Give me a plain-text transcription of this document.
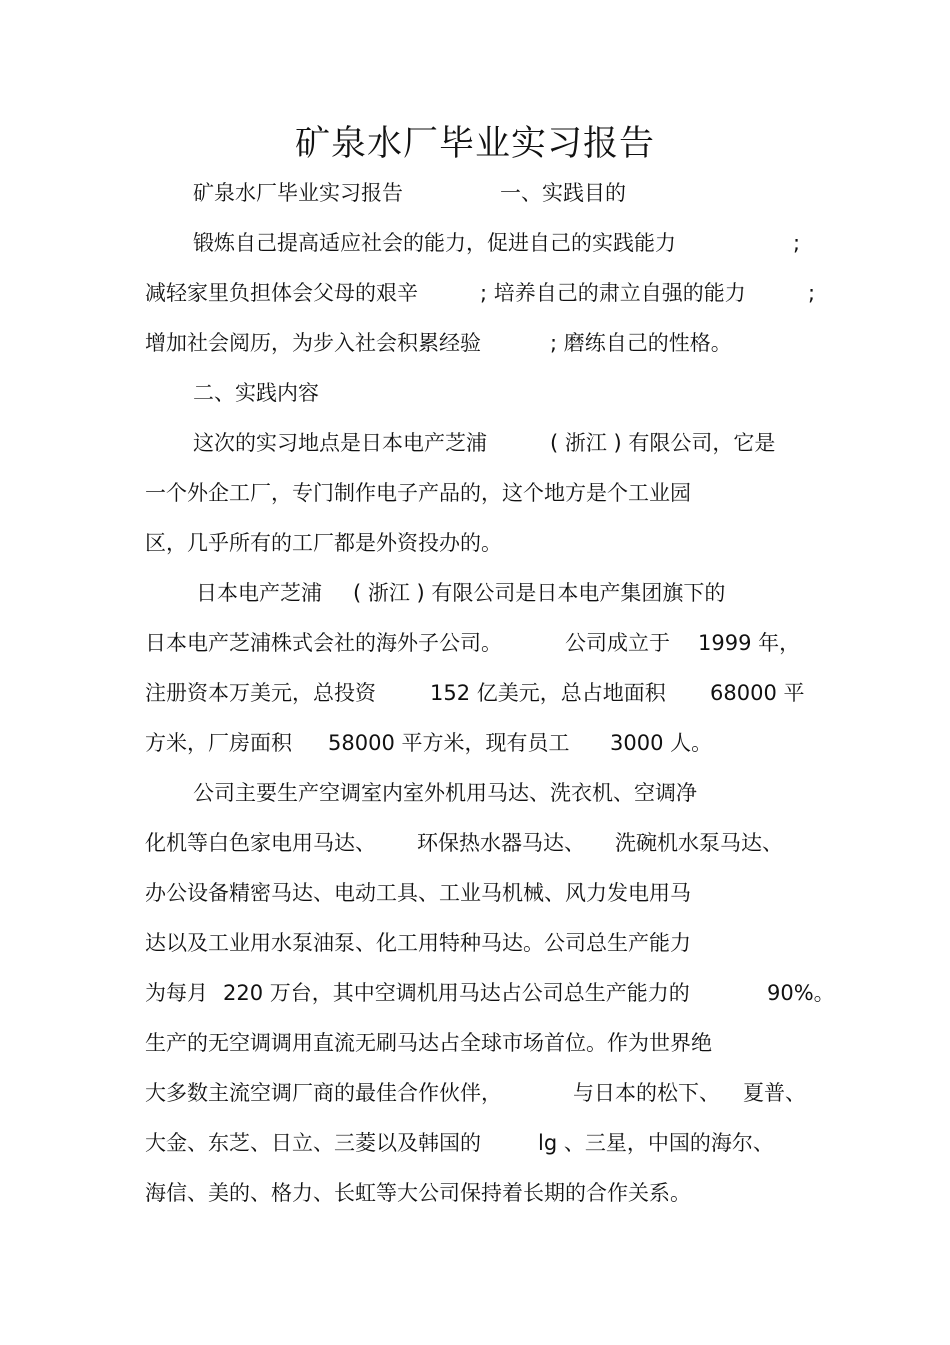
矿泉水厂毕业实习报告
矿泉水厂毕业实习报告	一、实践目的
锻炼自己提高适应社会的能力，促进自己的实践能力	;
减轻家里负担体会父母的艰辛	; 培养自己的肃立自强的能力	;
增加社会阅历，为步入社会积累经验	; 磨练自己的性格。
二、实践内容
这次的实习地点是日本电产芝浦	( 浙江 ) 有限公司，它是
一个外企工厂，专门制作电子产品的，这个地方是个工业园
区，几乎所有的工厂都是外资投办的。
日本电产芝浦 ( 浙江 ) 有限公司是日本电产集团旗下的
日本电产芝浦株式会社的海外子公司。	公司成立于 1999 年，
注册资本万美元，总投资	152 亿美元，总占地面积 68000 平
方米，厂房面积 58000 平方米，现有员工 3000 人。
公司主要生产空调室内室外机用马达、洗衣机、空调净
化机等白色家电用马达、 环保热水器马达、 洗碗机水泵马达、
办公设备精密马达、电动工具、工业马机械、风力发电用马
达以及工业用水泵油泵、化工用特种马达。公司总生产能力
为每月 220 万台，其中空调机用马达占公司总生产能力的	90%。
生产的无空调调用直流无刷马达占全球市场首位。作为世界绝
大多数主流空调厂商的最佳合作伙伴，	与日本的松下、 夏普、
大金、东芝、日立、三菱以及韩国的	lg 、三星，中国的海尔、
海信、美的、格力、长虹等大公司保持着长期的合作关系。
